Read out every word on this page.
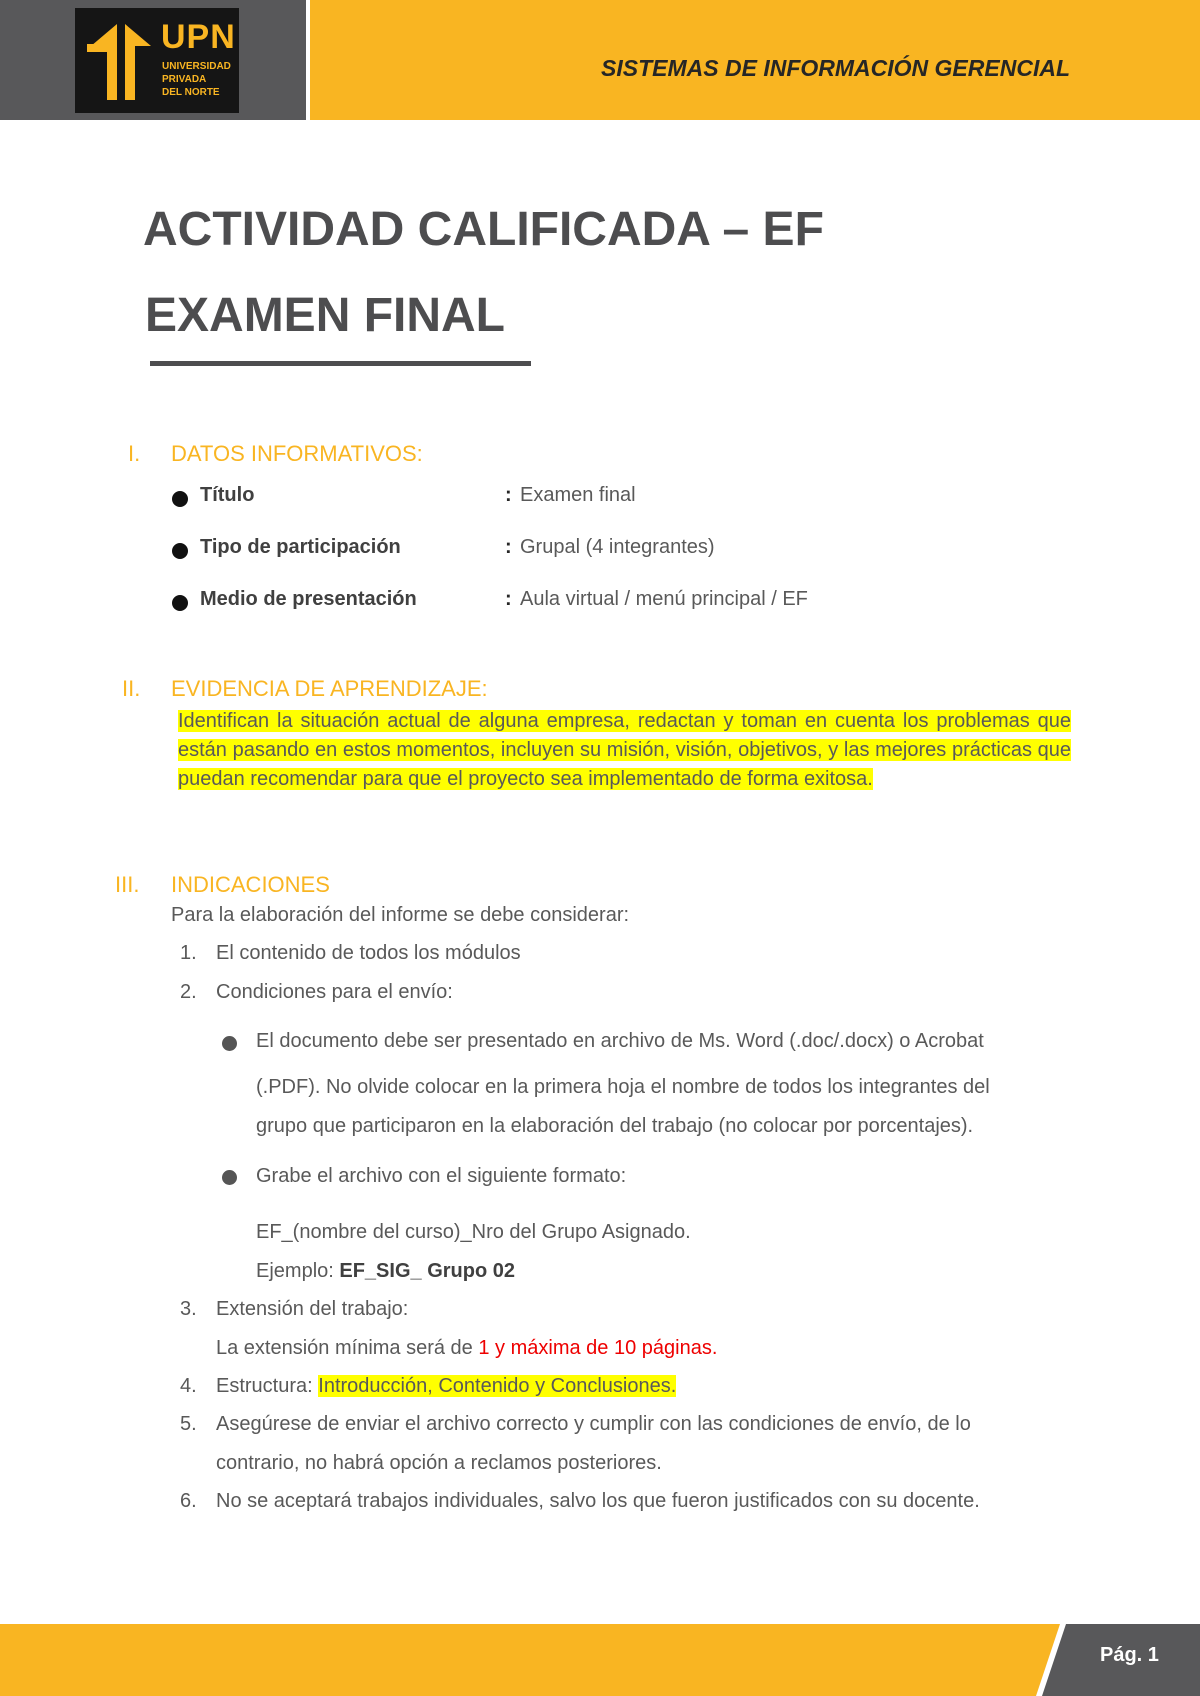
UPN
UNIVERSIDAD
PRIVADA
DEL NORTE
SISTEMAS DE INFORMACIÓN GERENCIAL
ACTIVIDAD CALIFICADA – EF
EXAMEN FINAL
I. DATOS INFORMATIVOS:
Título	: Examen final
Tipo de participación	: Grupal (4 integrantes)
Medio de presentación	: Aula virtual / menú principal / EF
II. EVIDENCIA DE APRENDIZAJE:
Identifican la situación actual de alguna empresa, redactan y toman en cuenta los problemas que están pasando en estos momentos, incluyen su misión, visión, objetivos, y las mejores prácticas que puedan recomendar para que el proyecto sea implementado de forma exitosa.
III. INDICACIONES
Para la elaboración del informe se debe considerar:
1. El contenido de todos los módulos
2. Condiciones para el envío:
El documento debe ser presentado en archivo de Ms. Word (.doc/.docx) o Acrobat
(.PDF). No olvide colocar en la primera hoja el nombre de todos los integrantes del
grupo que participaron en la elaboración del trabajo (no colocar por porcentajes).
Grabe el archivo con el siguiente formato:
EF_(nombre del curso)_Nro del Grupo Asignado.
Ejemplo: EF_SIG_ Grupo 02
3. Extensión del trabajo:
La extensión mínima será de 1 y máxima de 10 páginas.
4. Estructura: Introducción, Contenido y Conclusiones.
5. Asegúrese de enviar el archivo correcto y cumplir con las condiciones de envío, de lo
contrario, no habrá opción a reclamos posteriores.
6. No se aceptará trabajos individuales, salvo los que fueron justificados con su docente.
Pág. 1
